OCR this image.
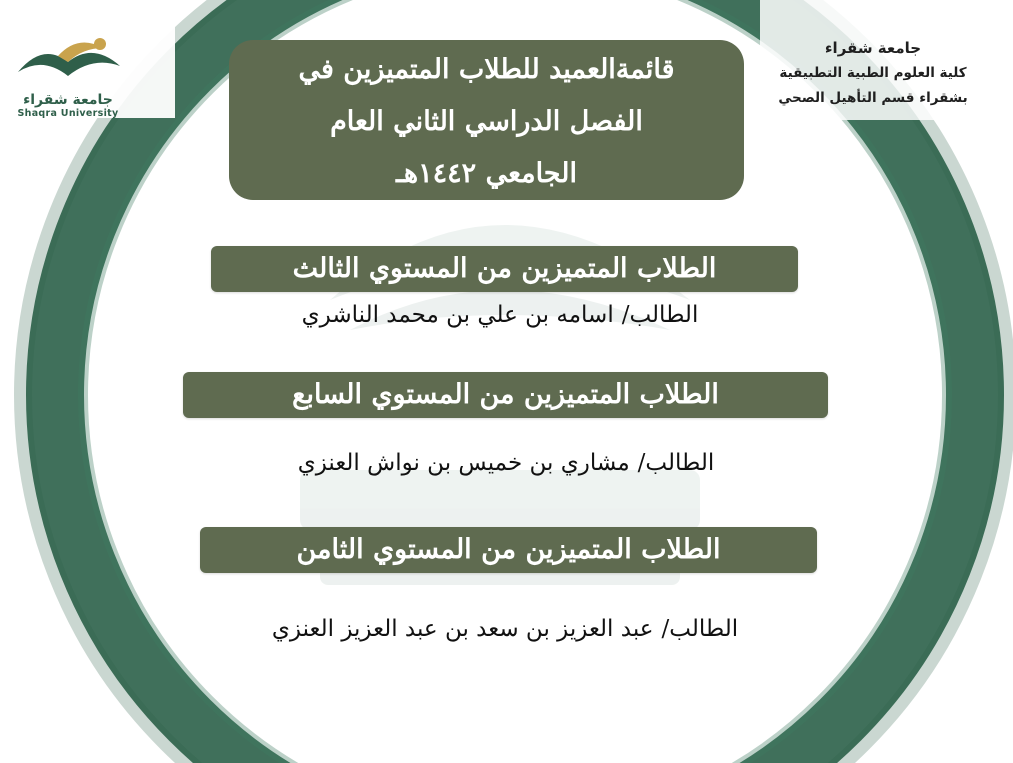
جامعة شقراء
Shaqra University
جامعة شقراء
كلية العلوم الطبية التطبيقية
بشقراء قسم التأهيل الصحي
قائمةالعميد للطلاب المتميزين في
الفصل الدراسي الثاني العام
الجامعي ١٤٤٢هـ
الطلاب المتميزين من المستوي الثالث
الطالب/اسامه بن علي بن محمد الناشري
الطلاب المتميزين من المستوي السابع
الطالب/مشاري بن خميس بن نواش العنزي
الطلاب المتميزين من المستوي الثامن
الطالب/عبد العزيز بن سعد بن عبد العزيز العنزي
